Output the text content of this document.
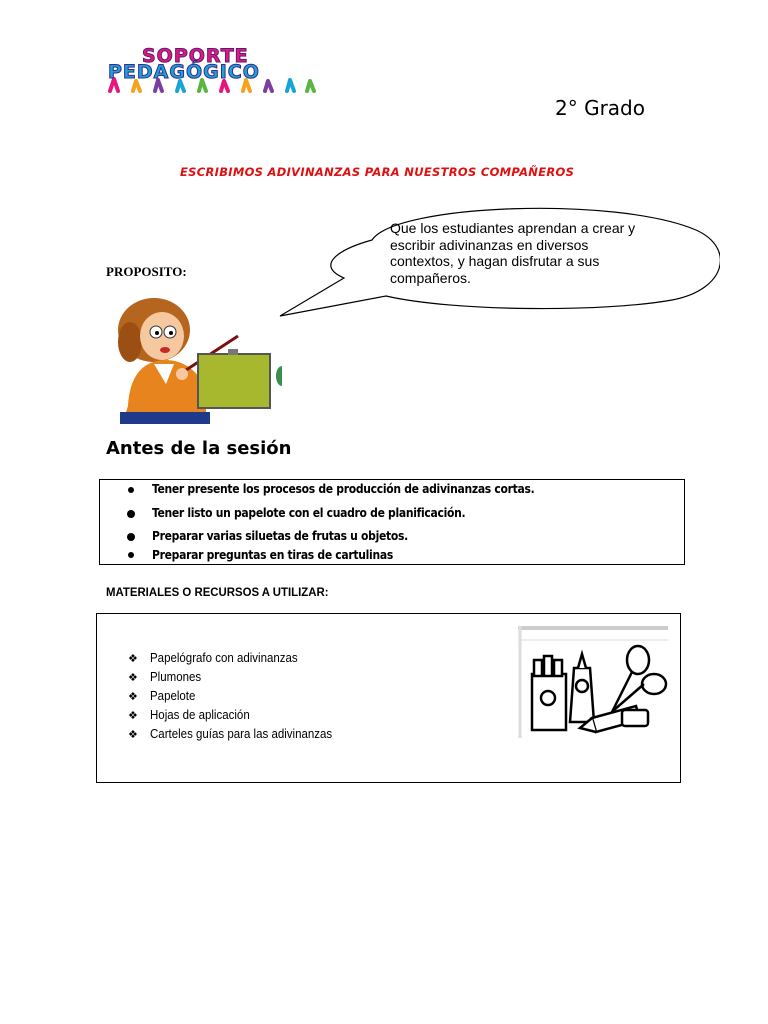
SOPORTE
PEDAGÓGICO
2° Grado
ESCRIBIMOS ADIVINANZAS PARA NUESTROS COMPAÑEROS
Que los estudiantes aprendan a crear y
escribir adivinanzas en diversos
contextos, y hagan disfrutar a sus
compañeros.
PROPOSITO:
Antes de la sesión
Tener presente los procesos de producción de adivinanzas cortas.
Tener listo un papelote con el cuadro de planificación.
Preparar varias siluetas de frutas u objetos.
Preparar preguntas en tiras de cartulinas
MATERIALES O RECURSOS A UTILIZAR:
❖ Papelógrafo con adivinanzas
❖ Plumones
❖ Papelote
❖ Hojas de aplicación
❖ Carteles guías para las adivinanzas
